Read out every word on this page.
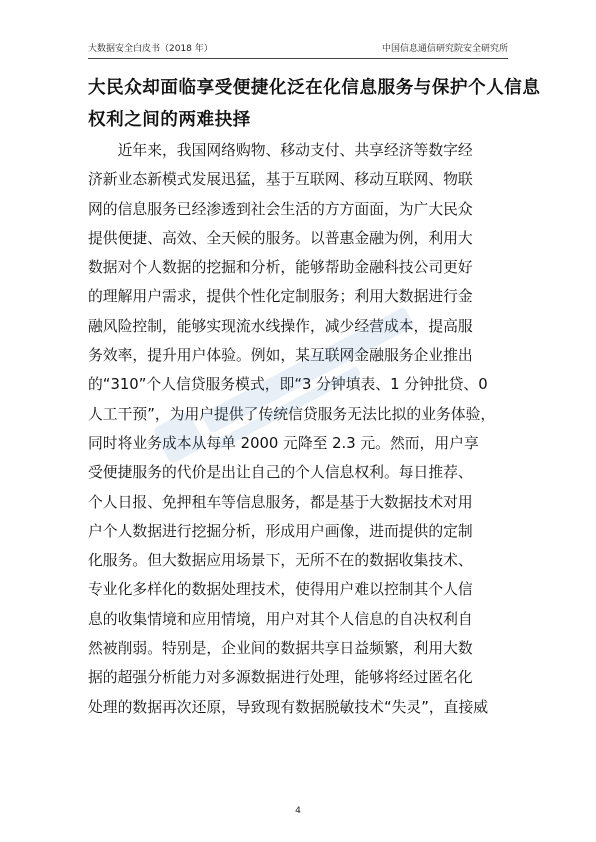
大数据安全白皮书（2018 年）	中国信息通信研究院安全研究所
大民众却面临享受便捷化泛在化信息服务与保护个人信息
权利之间的两难抉择
　　近年来，我国网络购物、移动支付、共享经济等数字经
济新业态新模式发展迅猛，基于互联网、移动互联网、物联
网的信息服务已经渗透到社会生活的方方面面，为广大民众
提供便捷、高效、全天候的服务。以普惠金融为例，利用大
数据对个人数据的挖掘和分析，能够帮助金融科技公司更好
的理解用户需求，提供个性化定制服务；利用大数据进行金
融风险控制，能够实现流水线操作，减少经营成本，提高服
务效率，提升用户体验。例如，某互联网金融服务企业推出
的“310”个人信贷服务模式，即“3 分钟填表、1 分钟批贷、0
人工干预”，为用户提供了传统信贷服务无法比拟的业务体验，
同时将业务成本从每单 2000 元降至 2.3 元。然而，用户享
受便捷服务的代价是出让自己的个人信息权利。每日推荐、
个人日报、免押租车等信息服务，都是基于大数据技术对用
户个人数据进行挖掘分析，形成用户画像，进而提供的定制
化服务。但大数据应用场景下，无所不在的数据收集技术、
专业化多样化的数据处理技术，使得用户难以控制其个人信
息的收集情境和应用情境，用户对其个人信息的自决权利自
然被削弱。特别是，企业间的数据共享日益频繁，利用大数
据的超强分析能力对多源数据进行处理，能够将经过匿名化
处理的数据再次还原，导致现有数据脱敏技术“失灵”，直接威
4
